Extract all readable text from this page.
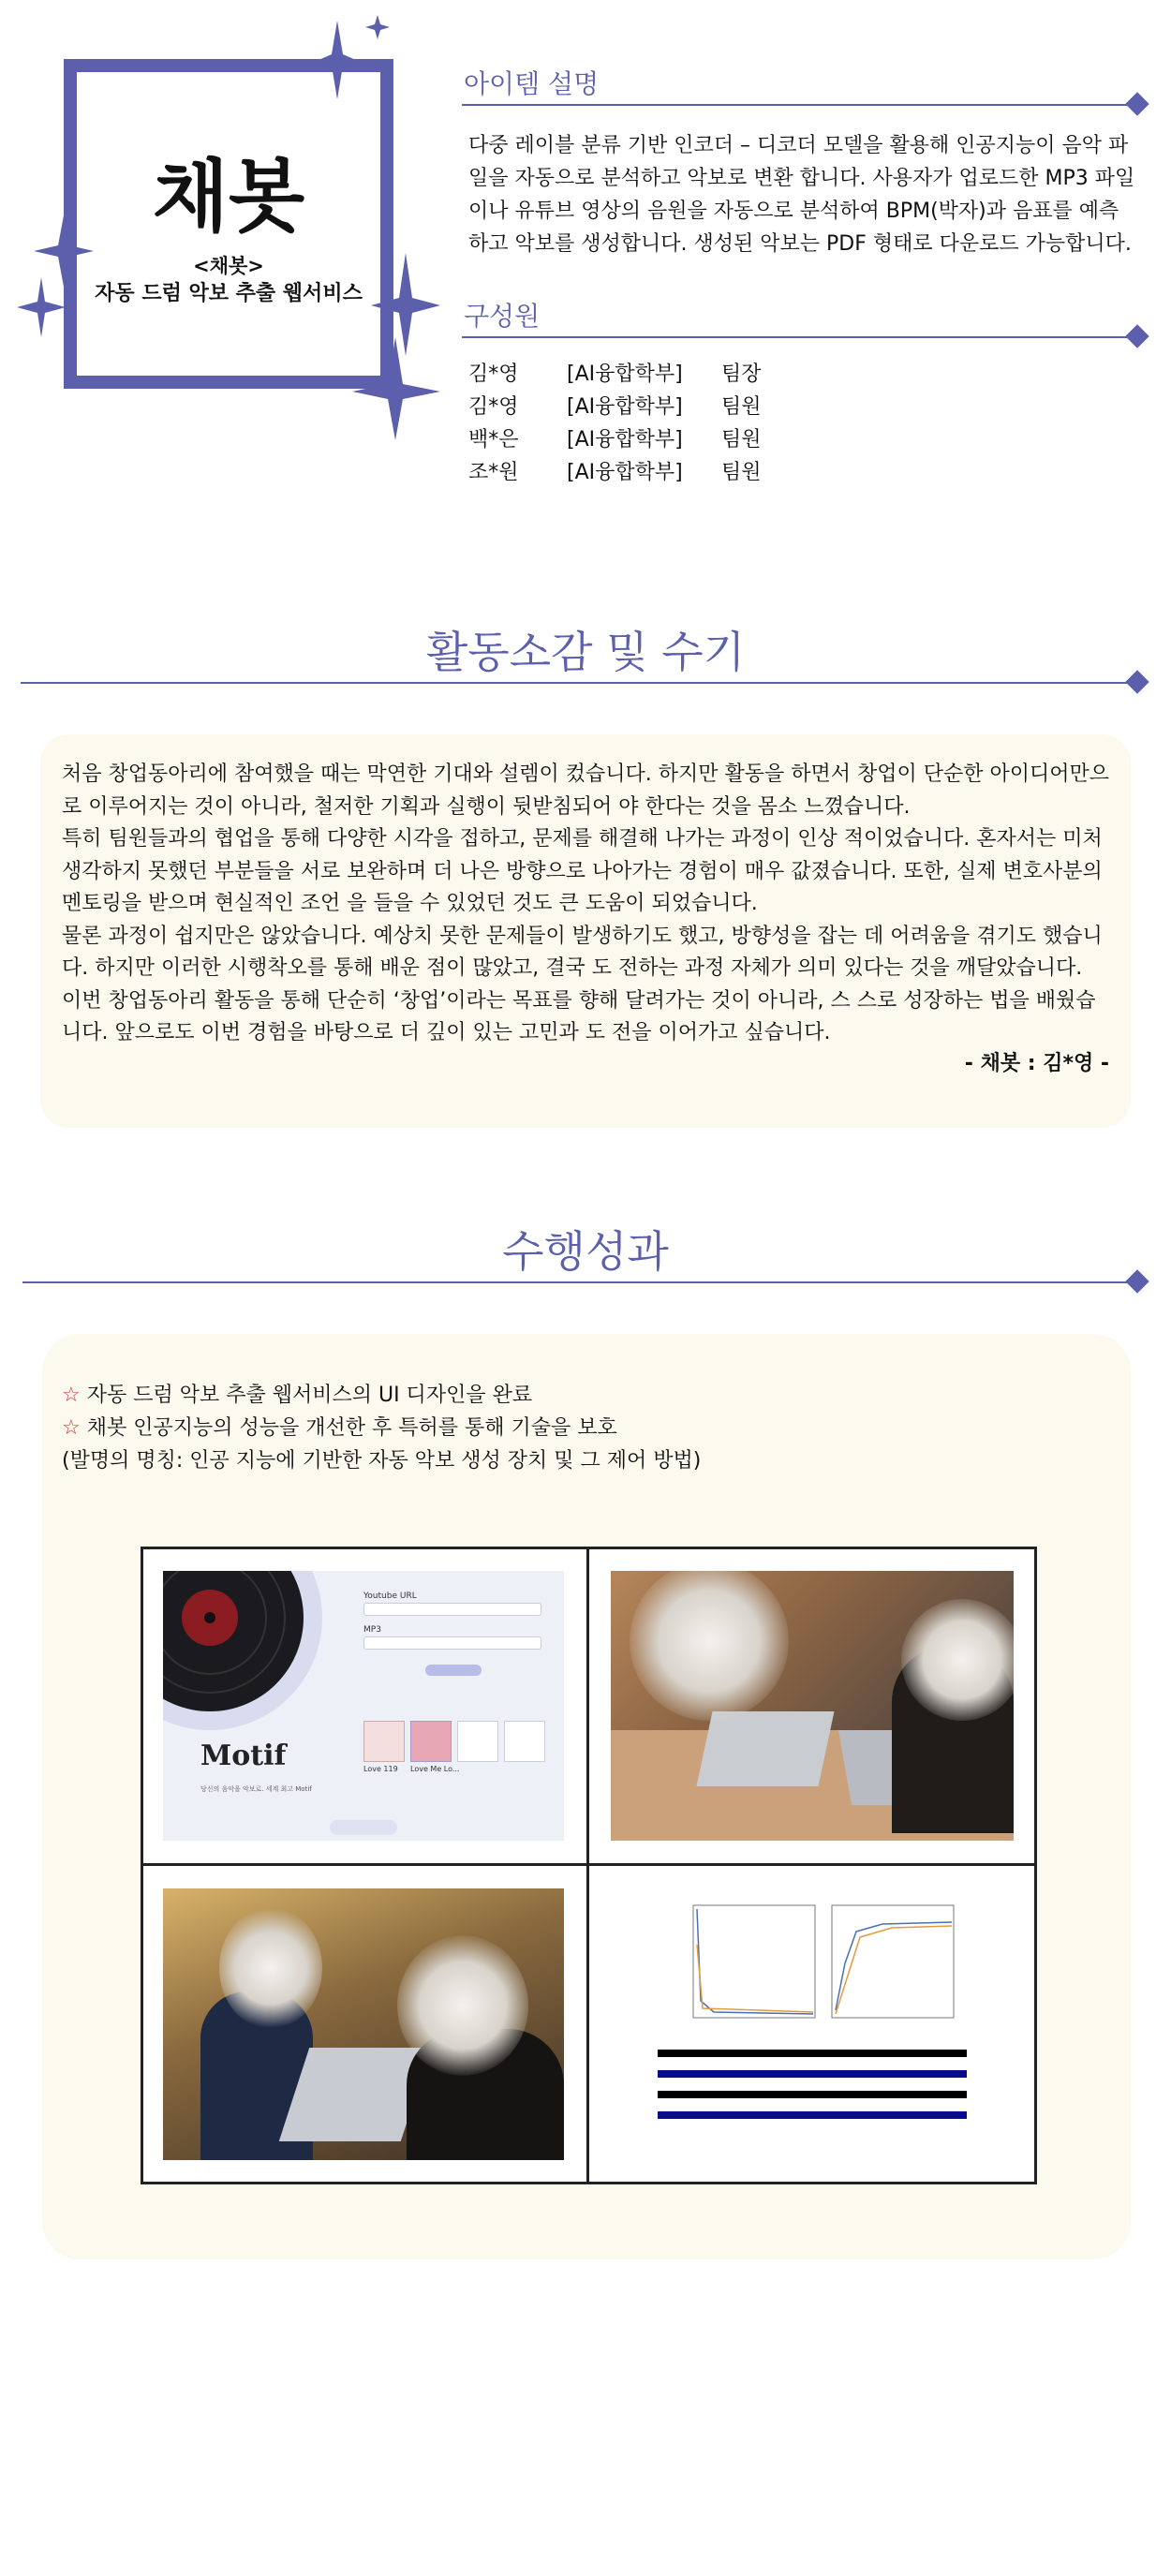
채봇
<채봇>
자동 드럼 악보 추출 웹서비스
아이템 설명
다중 레이블 분류 기반 인코더 – 디코더 모델을 활용해 인공지능이 음악 파일을 자동으로 분석하고 악보로 변환 합니다. 사용자가 업로드한 MP3 파일이나 유튜브 영상의 음원을 자동으로 분석하여 BPM(박자)과 음표를 예측하고 악보를 생성합니다. 생성된 악보는 PDF 형태로 다운로드 가능합니다.
구성원
김*영	[AI융합학부]	팀장
김*영	[AI융합학부]	팀원
백*은	[AI융합학부]	팀원
조*원	[AI융합학부]	팀원
활동소감 및 수기
처음 창업동아리에 참여했을 때는 막연한 기대와 설렘이 컸습니다. 하지만 활동을 하면서 창업이 단순한 아이디어만으로 이루어지는 것이 아니라, 철저한 기획과 실행이 뒷받침되어 야 한다는 것을 몸소 느꼈습니다.
특히 팀원들과의 협업을 통해 다양한 시각을 접하고, 문제를 해결해 나가는 과정이 인상 적이었습니다. 혼자서는 미처 생각하지 못했던 부분들을 서로 보완하며 더 나은 방향으로 나아가는 경험이 매우 값졌습니다. 또한, 실제 변호사분의 멘토링을 받으며 현실적인 조언 을 들을 수 있었던 것도 큰 도움이 되었습니다.
물론 과정이 쉽지만은 않았습니다. 예상치 못한 문제들이 발생하기도 했고, 방향성을 잡는 데 어려움을 겪기도 했습니다. 하지만 이러한 시행착오를 통해 배운 점이 많았고, 결국 도 전하는 과정 자체가 의미 있다는 것을 깨달았습니다.
이번 창업동아리 활동을 통해 단순히 ‘창업’이라는 목표를 향해 달려가는 것이 아니라, 스 스로 성장하는 법을 배웠습니다. 앞으로도 이번 경험을 바탕으로 더 깊이 있는 고민과 도 전을 이어가고 싶습니다.
- 채봇 : 김*영 -
수행성과
☆ 자동 드럼 악보 추출 웹서비스의 UI 디자인을 완료
☆ 채봇 인공지능의 성능을 개선한 후 특허를 통해 기술을 보호
(발명의 명칭: 인공 지능에 기반한 자동 악보 생성 장치 및 그 제어 방법)
Youtube URL
MP3
Love 119 Love Me Lo...
Motif
당신의 음악을 악보로. 세계 최고 Motif
